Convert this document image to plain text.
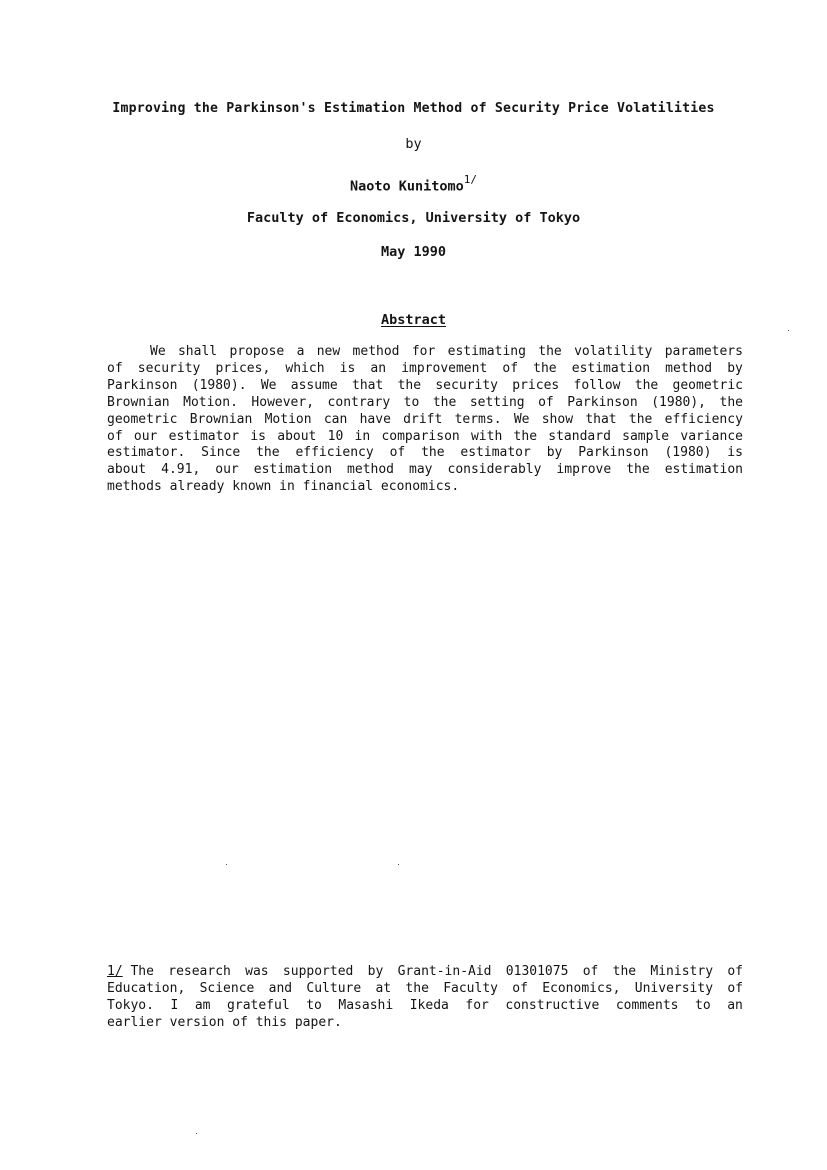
Improving the Parkinson's Estimation Method of Security Price Volatilities
by
Naoto Kunitomo$^{1/}$
Faculty of Economics, University of Tokyo
May 1990
Abstract
We shall propose a new method for estimating the volatility parameters
of security prices, which is an improvement of the estimation method by
Parkinson (1980). We assume that the security prices follow the geometric
Brownian Motion. However, contrary to the setting of Parkinson (1980), the
geometric Brownian Motion can have drift terms. We show that the efficiency
of our estimator is about 10 in comparison with the standard sample variance
estimator. Since the efficiency of the estimator by Parkinson (1980) is
about 4.91, our estimation method may considerably improve the estimation
methods already known in financial economics.
1/
The research was supported by Grant-in-Aid 01301075 of the Ministry of
Education, Science and Culture at the Faculty of Economics, University of
Tokyo. I am grateful to Masashi Ikeda for constructive comments to an
earlier version of this paper.
